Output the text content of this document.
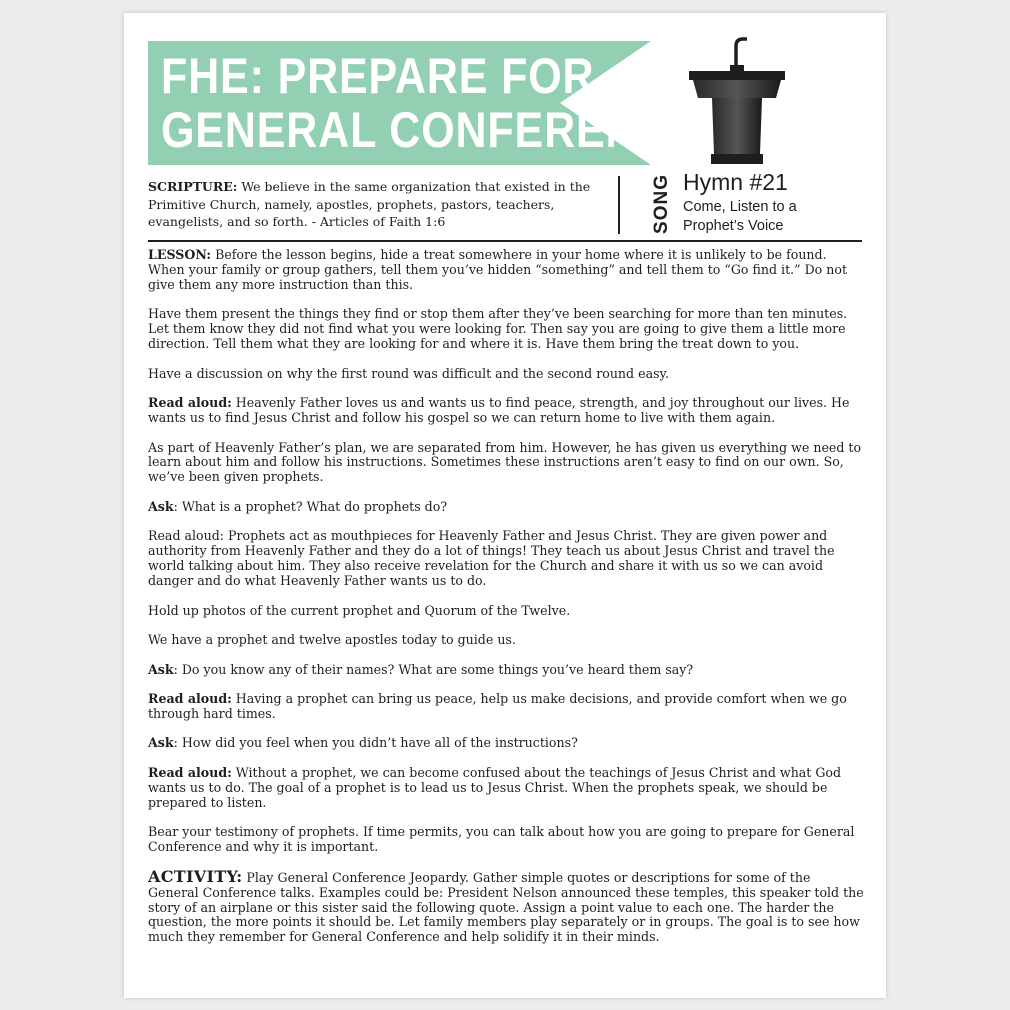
FHE: PREPARE FOR
GENERAL CONFERENCE
SCRIPTURE: We believe in the same organization that existed in the Primitive Church, namely, apostles, prophets, pastors, teachers, evangelists, and so forth. - Articles of Faith 1:6	SONG Hymn #21
Come, Listen to a Prophet’s Voice

LESSON: Before the lesson begins, hide a treat somewhere in your home where it is unlikely to be found. When your family or group gathers, tell them you’ve hidden “something” and tell them to “Go find it.” Do not give them any more instruction than this.

Have them present the things they find or stop them after they’ve been searching for more than ten minutes. Let them know they did not find what you were looking for. Then say you are going to give them a little more direction. Tell them what they are looking for and where it is. Have them bring the treat down to you.

Have a discussion on why the first round was difficult and the second round easy.

Read aloud: Heavenly Father loves us and wants us to find peace, strength, and joy throughout our lives. He wants us to find Jesus Christ and follow his gospel so we can return home to live with them again.

As part of Heavenly Father’s plan, we are separated from him. However, he has given us everything we need to learn about him and follow his instructions. Sometimes these instructions aren’t easy to find on our own. So, we’ve been given prophets.

Ask: What is a prophet? What do prophets do?

Read aloud: Prophets act as mouthpieces for Heavenly Father and Jesus Christ. They are given power and authority from Heavenly Father and they do a lot of things! They teach us about Jesus Christ and travel the world talking about him. They also receive revelation for the Church and share it with us so we can avoid danger and do what Heavenly Father wants us to do.

Hold up photos of the current prophet and Quorum of the Twelve.

We have a prophet and twelve apostles today to guide us.

Ask: Do you know any of their names? What are some things you’ve heard them say?

Read aloud: Having a prophet can bring us peace, help us make decisions, and provide comfort when we go through hard times.

Ask: How did you feel when you didn’t have all of the instructions?

Read aloud: Without a prophet, we can become confused about the teachings of Jesus Christ and what God wants us to do. The goal of a prophet is to lead us to Jesus Christ. When the prophets speak, we should be prepared to listen.

Bear your testimony of prophets. If time permits, you can talk about how you are going to prepare for General Conference and why it is important.

ACTIVITY: Play General Conference Jeopardy. Gather simple quotes or descriptions for some of the General Conference talks. Examples could be: President Nelson announced these temples, this speaker told the story of an airplane or this sister said the following quote. Assign a point value to each one. The harder the question, the more points it should be. Let family members play separately or in groups. The goal is to see how much they remember for General Conference and help solidify it in their minds.
